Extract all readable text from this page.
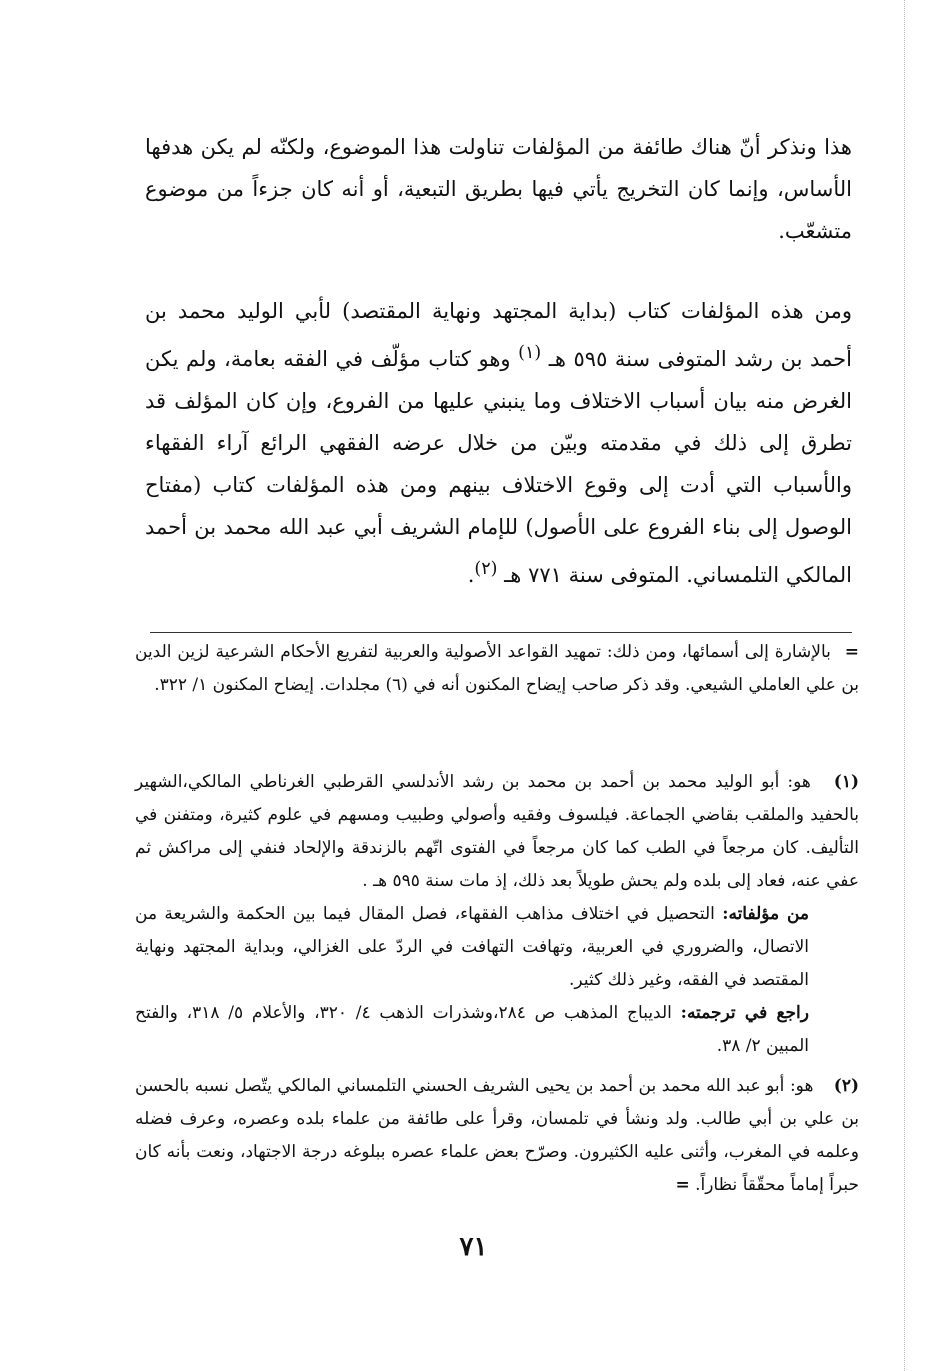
هذا ونذكر أنّ هناك طائفة من المؤلفات تناولت هذا الموضوع، ولكنّه لم يكن هدفها الأساس، وإنما كان التخريج يأتي فيها بطريق التبعية، أو أنه كان جزءاً من موضوع متشعّب.

ومن هذه المؤلفات كتاب (بداية المجتهد ونهاية المقتصد) لأبي الوليد محمد بن أحمد بن رشد المتوفى سنة ٥٩٥ هـ $^{(١)}$ وهو كتاب مؤلّف في الفقه بعامة، ولم يكن الغرض منه بيان أسباب الاختلاف وما ينبني عليها من الفروع، وإن كان المؤلف قد تطرق إلى ذلك في مقدمته وبيّن من خلال عرضه الفقهي الرائع آراء الفقهاء والأسباب التي أدت إلى وقوع الاختلاف بينهم ومن هذه المؤلفات كتاب (مفتاح الوصول إلى بناء الفروع على الأصول) للإمام الشريف أبي عبد الله محمد بن أحمد المالكي التلمساني. المتوفى سنة ٧٧١ هـ $^{(٢)}$.

= بالإشارة إلى أسمائها، ومن ذلك: تمهيد القواعد الأصولية والعربية لتفريع الأحكام الشرعية لزين الدين بن علي العاملي الشيعي. وقد ذكر صاحب إيضاح المكنون أنه في (٦) مجلدات. إيضاح المكنون ١/ ٣٢٢.

(١) هو: أبو الوليد محمد بن أحمد بن محمد بن رشد الأندلسي القرطبي الغرناطي المالكي،الشهير بالحفيد والملقب بقاضي الجماعة. فيلسوف وفقيه وأصولي وطبيب ومسهم في علوم كثيرة، ومتفنن في التأليف. كان مرجعاً في الطب كما كان مرجعاً في الفتوى اتّهم بالزندقة والإلحاد فنفي إلى مراكش ثم عفي عنه، فعاد إلى بلده ولم يحش طويلاً بعد ذلك، إذ مات سنة ٥٩٥ هـ .

من مؤلفاته: التحصيل في اختلاف مذاهب الفقهاء، فصل المقال فيما بين الحكمة والشريعة من الاتصال، والضروري في العربية، وتهافت التهافت في الردّ على الغزالي، وبداية المجتهد ونهاية المقتصد في الفقه، وغير ذلك كثير.

راجع في ترجمته: الديباج المذهب ص ٢٨٤،وشذرات الذهب ٤/ ٣٢٠، والأعلام ٥/ ٣١٨، والفتح المبين ٢/ ٣٨.

(٢) هو: أبو عبد الله محمد بن أحمد بن يحيى الشريف الحسني التلمساني المالكي يتّصل نسبه بالحسن بن علي بن أبي طالب. ولد ونشأ في تلمسان، وقرأ على طائفة من علماء بلده وعصره، وعرف فضله وعلمه في المغرب، وأثنى عليه الكثيرون. وصرّح بعض علماء عصره ببلوغه درجة الاجتهاد، ونعت بأنه كان حبراً إماماً محقّقاً نظاراً. =

٧١
